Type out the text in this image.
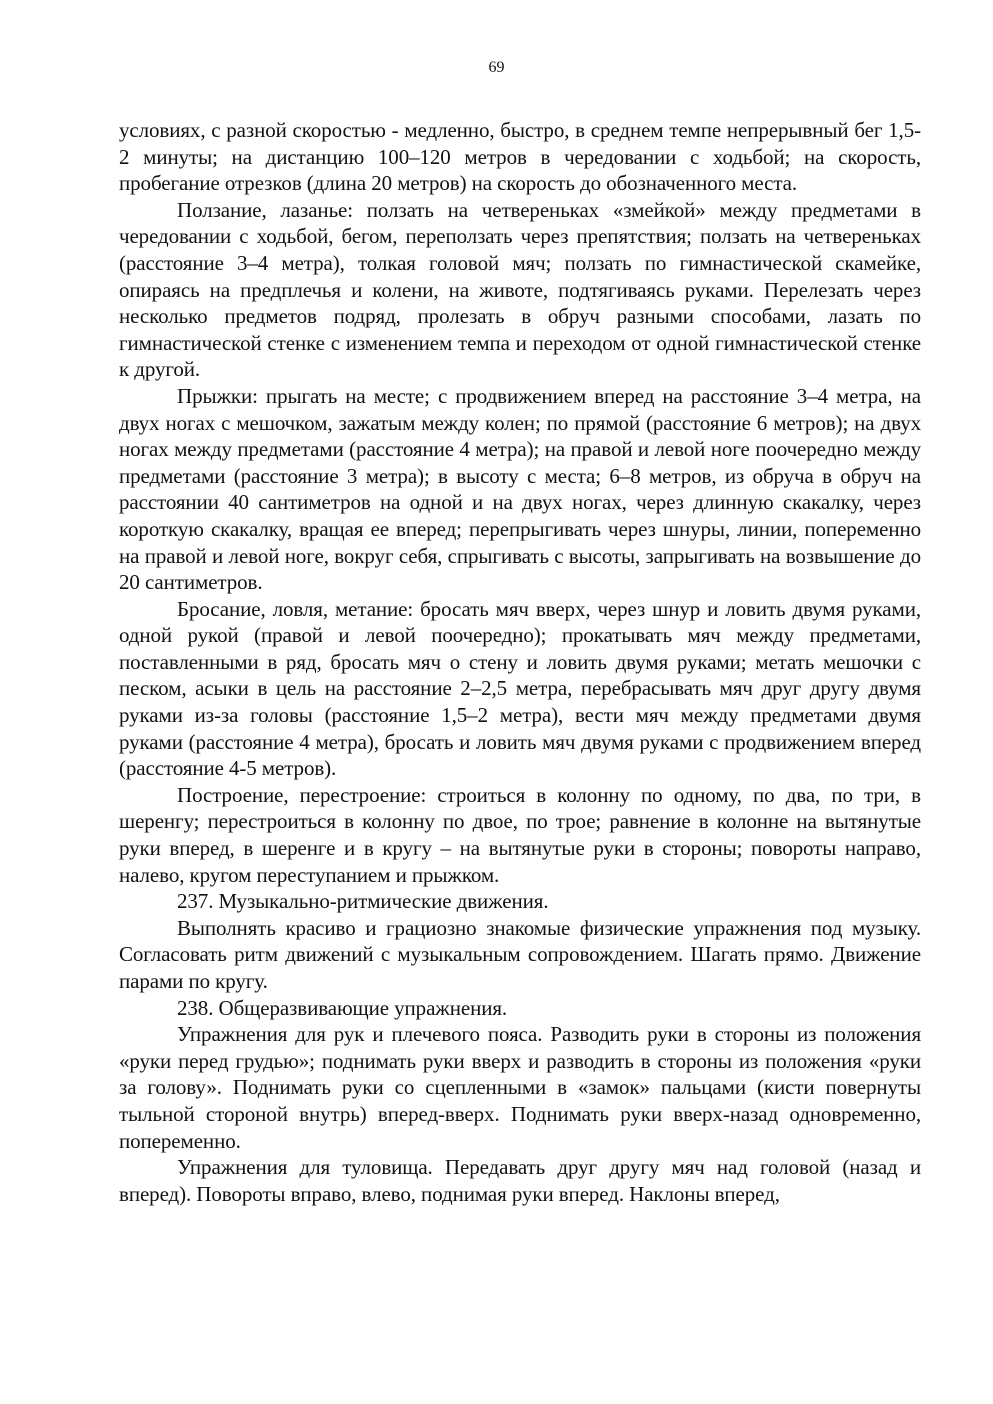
69

условиях, с разной скоростью - медленно, быстро, в среднем темпе непрерывный бег 1,5-2 минуты; на дистанцию 100–120 метров в чередовании с ходьбой; на скорость, пробегание отрезков (длина 20 метров) на скорость до обозначенного места.

Ползание, лазанье: ползать на четвереньках «змейкой» между предметами в чередовании с ходьбой, бегом, переползать через препятствия; ползать на четвереньках (расстояние 3–4 метра), толкая головой мяч; ползать по гимнастической скамейке, опираясь на предплечья и колени, на животе, подтягиваясь руками. Перелезать через несколько предметов подряд, пролезать в обруч разными способами, лазать по гимнастической стенке с изменением темпа и переходом от одной гимнастической стенке к другой.

Прыжки: прыгать на месте; с продвижением вперед на расстояние 3–4 метра, на двух ногах с мешочком, зажатым между колен; по прямой (расстояние 6 метров); на двух ногах между предметами (расстояние 4 метра); на правой и левой ноге поочередно между предметами (расстояние 3 метра); в высоту с места; 6–8 метров, из обруча в обруч на расстоянии 40 сантиметров на одной и на двух ногах, через длинную скакалку, через короткую скакалку, вращая ее вперед; перепрыгивать через шнуры, линии, попеременно на правой и левой ноге, вокруг себя, спрыгивать с высоты, запрыгивать на возвышение до 20 сантиметров.

Бросание, ловля, метание: бросать мяч вверх, через шнур и ловить двумя руками, одной рукой (правой и левой поочередно); прокатывать мяч между предметами, поставленными в ряд, бросать мяч о стену и ловить двумя руками; метать мешочки с песком, асыки в цель на расстояние 2–2,5 метра, перебрасывать мяч друг другу двумя руками из-за головы (расстояние 1,5–2 метра), вести мяч между предметами двумя руками (расстояние 4 метра), бросать и ловить мяч двумя руками с продвижением вперед (расстояние 4-5 метров).

Построение, перестроение: строиться в колонну по одному, по два, по три, в шеренгу; перестроиться в колонну по двое, по трое; равнение в колонне на вытянутые руки вперед, в шеренге и в кругу – на вытянутые руки в стороны; повороты направо, налево, кругом переступанием и прыжком.

237. Музыкально-ритмические движения.

Выполнять красиво и грациозно знакомые физические упражнения под музыку. Согласовать ритм движений с музыкальным сопровождением. Шагать прямо. Движение парами по кругу.

238. Общеразвивающие упражнения.

Упражнения для рук и плечевого пояса. Разводить руки в стороны из положения «руки перед грудью»; поднимать руки вверх и разводить в стороны из положения «руки за голову». Поднимать руки со сцепленными в «замок» пальцами (кисти повернуты тыльной стороной внутрь) вперед-вверх. Поднимать руки вверх-назад одновременно, попеременно.

Упражнения для туловища. Передавать друг другу мяч над головой (назад и вперед). Повороты вправо, влево, поднимая руки вперед. Наклоны вперед,
